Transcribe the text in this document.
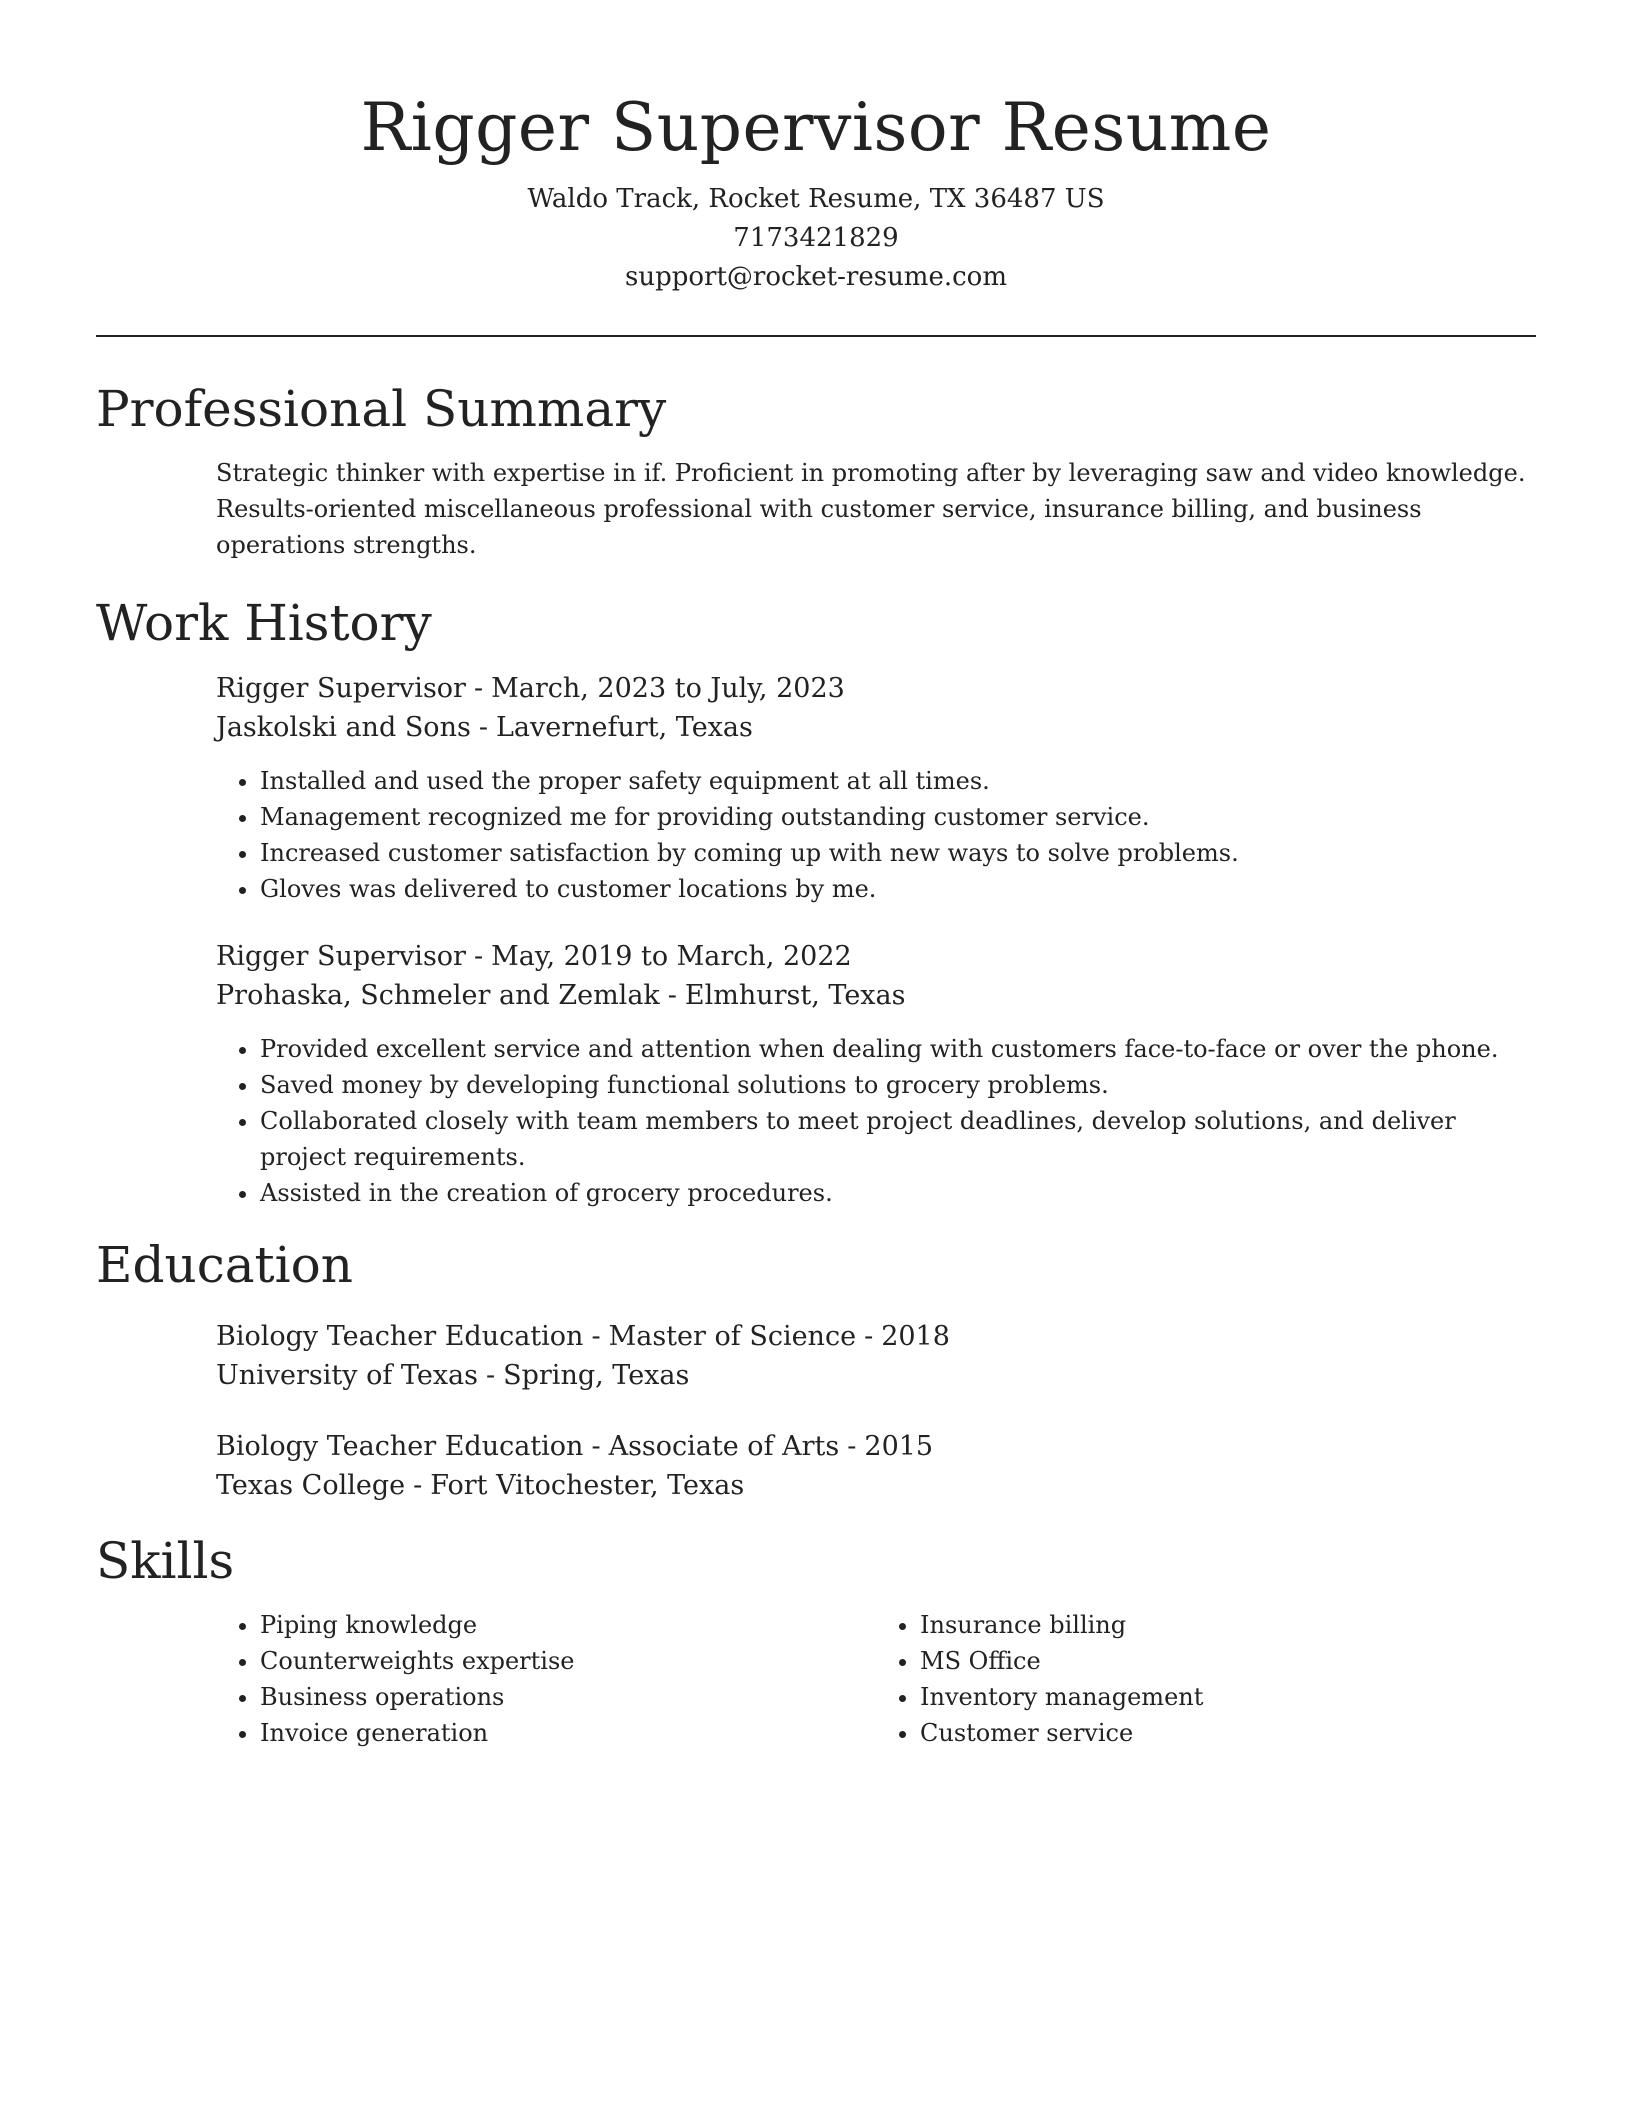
Rigger Supervisor Resume

Waldo Track, Rocket Resume, TX 36487 US

7173421829

support@rocket-resume.com

Professional Summary

Strategic thinker with expertise in if. Proficient in promoting after by leveraging saw and video knowledge. Results-oriented miscellaneous professional with customer service, insurance billing, and business operations strengths.

Work History

Rigger Supervisor - March, 2023 to July, 2023

Jaskolski and Sons - Lavernefurt, Texas

• Installed and used the proper safety equipment at all times.
• Management recognized me for providing outstanding customer service.
• Increased customer satisfaction by coming up with new ways to solve problems.
• Gloves was delivered to customer locations by me.

Rigger Supervisor - May, 2019 to March, 2022

Prohaska, Schmeler and Zemlak - Elmhurst, Texas

• Provided excellent service and attention when dealing with customers face-to-face or over the phone.
• Saved money by developing functional solutions to grocery problems.
• Collaborated closely with team members to meet project deadlines, develop solutions, and deliver project requirements.
• Assisted in the creation of grocery procedures.
Education

Biology Teacher Education - Master of Science - 2018

University of Texas - Spring, Texas

Biology Teacher Education - Associate of Arts - 2015

Texas College - Fort Vitochester, Texas

Skills
• Piping knowledge
• Counterweights expertise
• Business operations
• Invoice generation
• Insurance billing
• MS Office
• Inventory management
• Customer service
